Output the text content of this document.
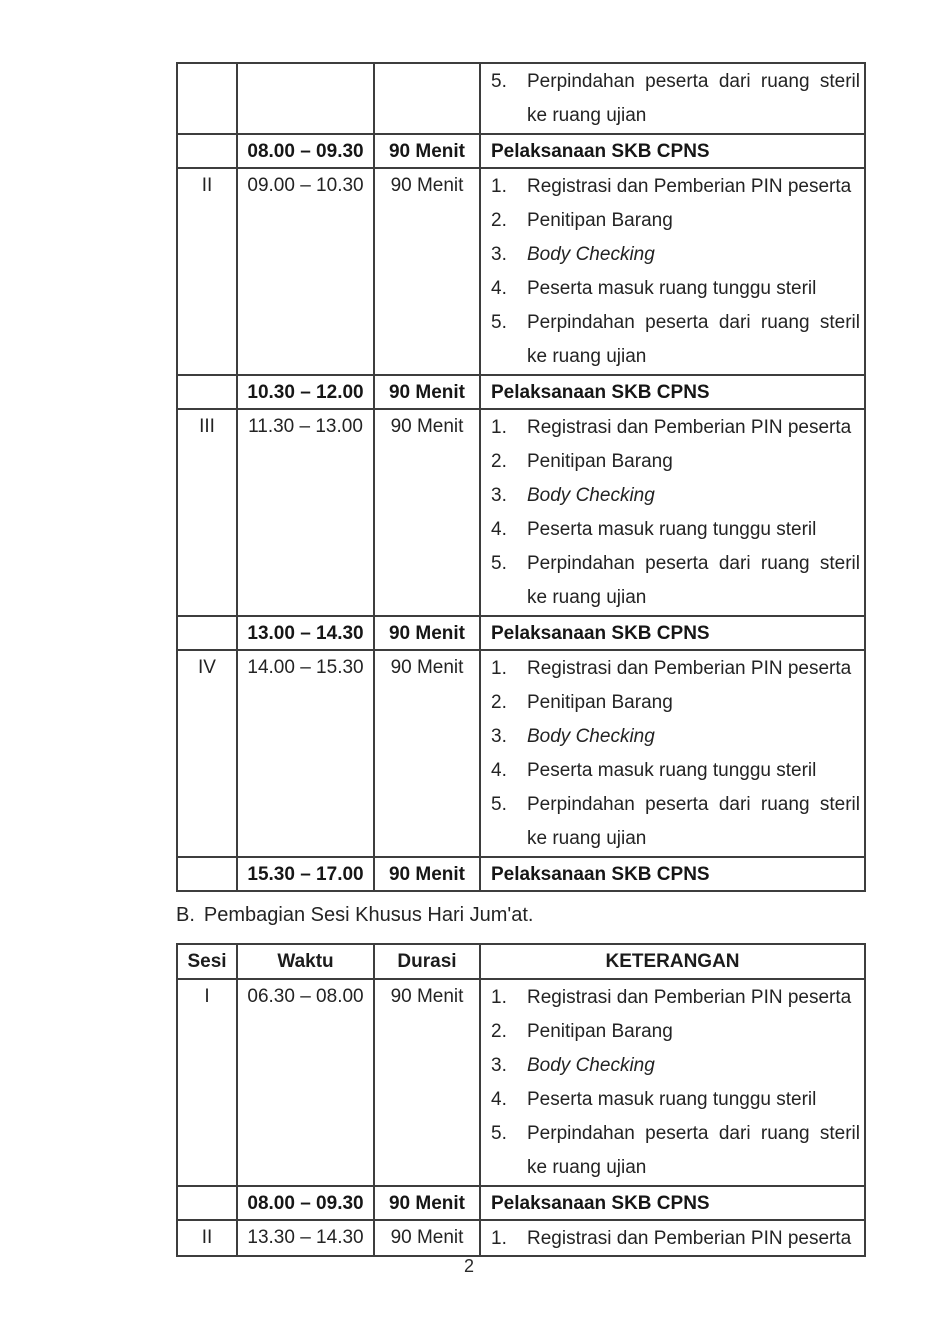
			5. Perpindahan peserta dari ruang steril
ke ruang ujian

	08.00 – 09.30	90 Menit	Pelaksanaan SKB CPNS
II	09.00 – 10.30	90 Menit	1.	Registrasi dan Pemberian PIN peserta
2.	Penitipan Barang
3.	Body Checking
4.	Peserta masuk ruang tunggu steril
5.	Perpindahan peserta dari ruang steril
ke ruang ujian

	10.30 – 12.00	90 Menit	Pelaksanaan SKB CPNS
III	11.30 – 13.00	90 Menit	1.	Registrasi dan Pemberian PIN peserta
2.	Penitipan Barang
3.	Body Checking
4.	Peserta masuk ruang tunggu steril
5.	Perpindahan peserta dari ruang steril
ke ruang ujian

	13.00 – 14.30	90 Menit	Pelaksanaan SKB CPNS
IV	14.00 – 15.30	90 Menit	1.	Registrasi dan Pemberian PIN peserta
2.	Penitipan Barang
3.	Body Checking
4.	Peserta masuk ruang tunggu steril
5.	Perpindahan peserta dari ruang steril
ke ruang ujian

	15.30 – 17.00	90 Menit	Pelaksanaan SKB CPNS
B. Pembagian Sesi Khusus Hari Jum'at.
Sesi	Waktu	Durasi	KETERANGAN
I	06.30 – 08.00	90 Menit	1.	Registrasi dan Pemberian PIN peserta
2.	Penitipan Barang
3.	Body Checking
4.	Peserta masuk ruang tunggu steril
5.	Perpindahan peserta dari ruang steril
ke ruang ujian

	08.00 – 09.30	90 Menit	Pelaksanaan SKB CPNS
II	13.30 – 14.30	90 Menit	1. Registrasi dan Pemberian PIN peserta
2
